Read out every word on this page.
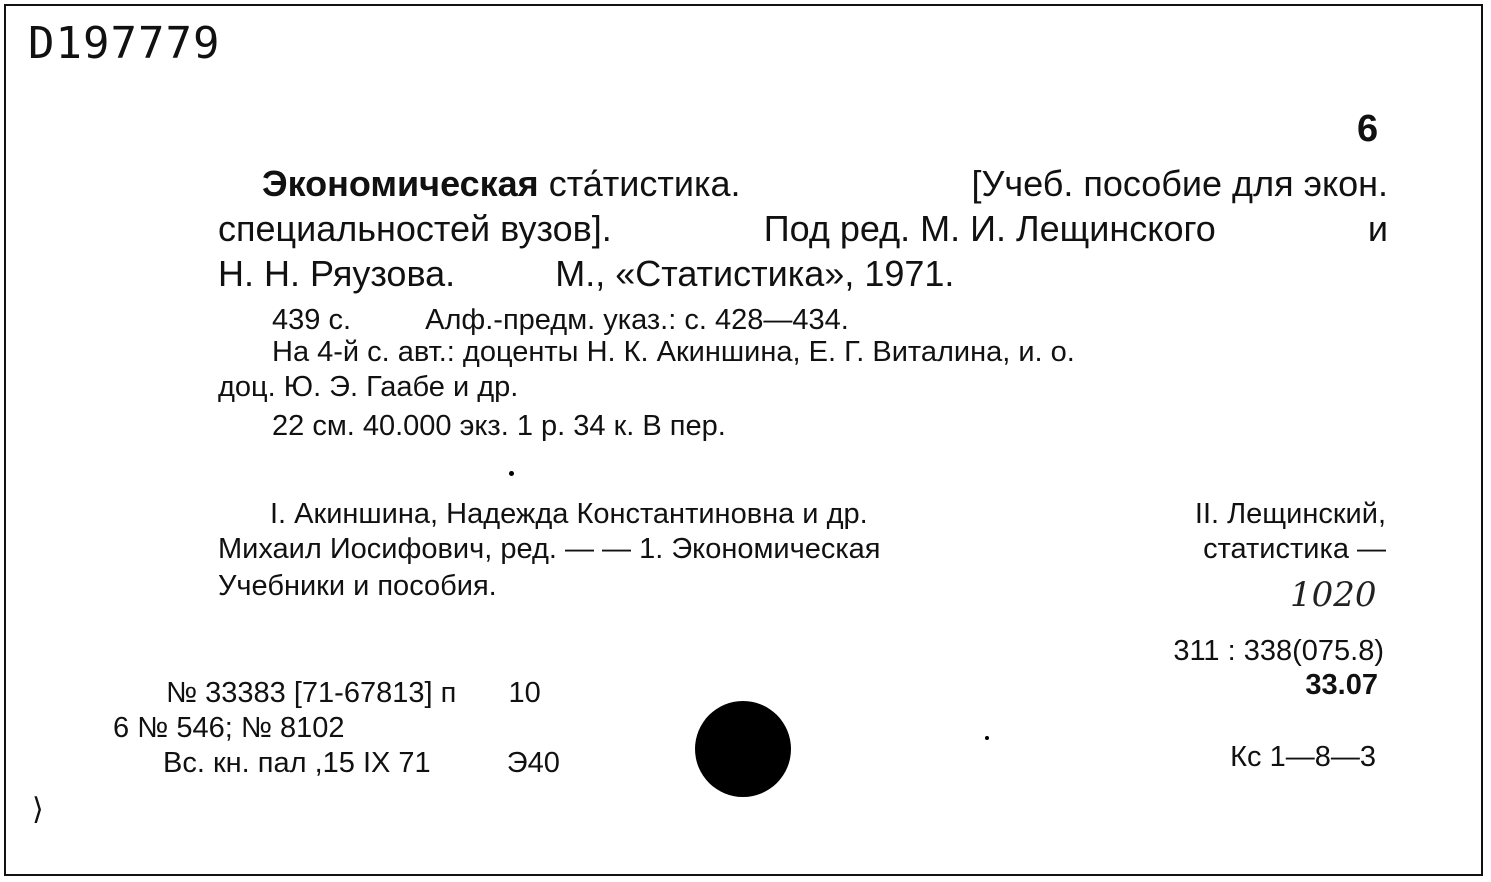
D197779
6
Экономическая ста́тистика.	[Учеб. пособие для экон.
специальностей вузов].	Под ред. М. И. Лещинского	и
Н. Н. Ряузова.	М., «Статистика», 1971.
439 с.	Алф.-предм. указ.: с. 428—434.
На 4-й с. авт.: доценты Н. К. Акиншина, Е. Г. Виталина, и. о.
доц. Ю. Э. Гаабе и др.
22 см. 40.000 экз. 1 р. 34 к. В пер.
I. Акиншина, Надежда Константиновна и др.	II. Лещинский,
Михаил Иосифович, ред. — — 1. Экономическая	статистика —
Учебники и пособия.	1020
311 : 338(075.8)
33.07
Кс 1—8—3
№ 33383 [71-67813] п 10
6 № 546; № 8102
Вс. кн. пал ,15 IX 71	Э40
⟩
